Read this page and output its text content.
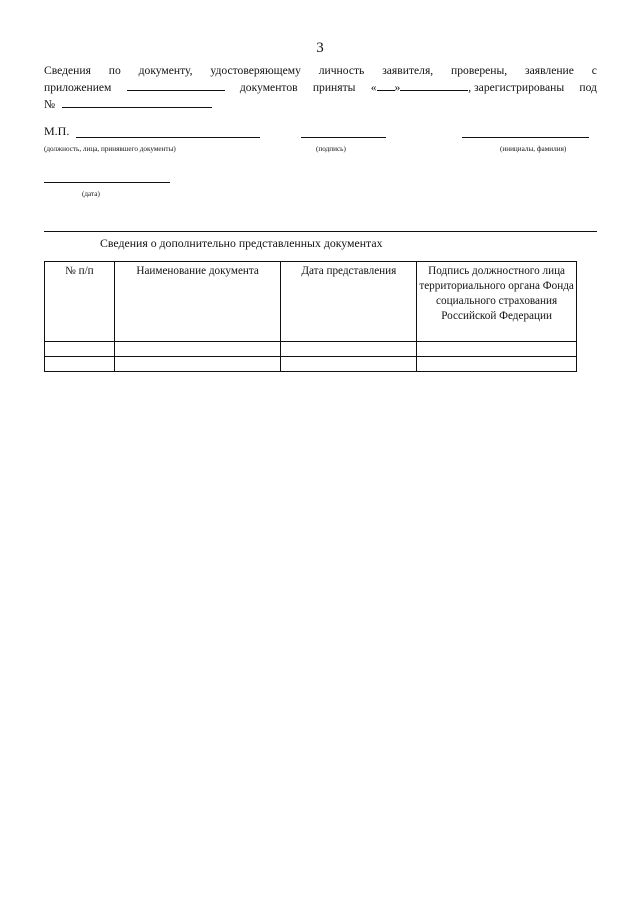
3
Сведения по документу, удостоверяющему личность заявителя, проверены, заявление с
приложением	документов приняты « »	, зарегистрированы под
№
М.П.
(должность, лица, принявшего документы)	(подпись)	(инициалы, фамилия)
(дата)
Сведения о дополнительно представленных документах
№ п/п	Наименование документа	Дата представления	Подпись должностного лица территориального органа Фонда социального страхования Российской Федерации
